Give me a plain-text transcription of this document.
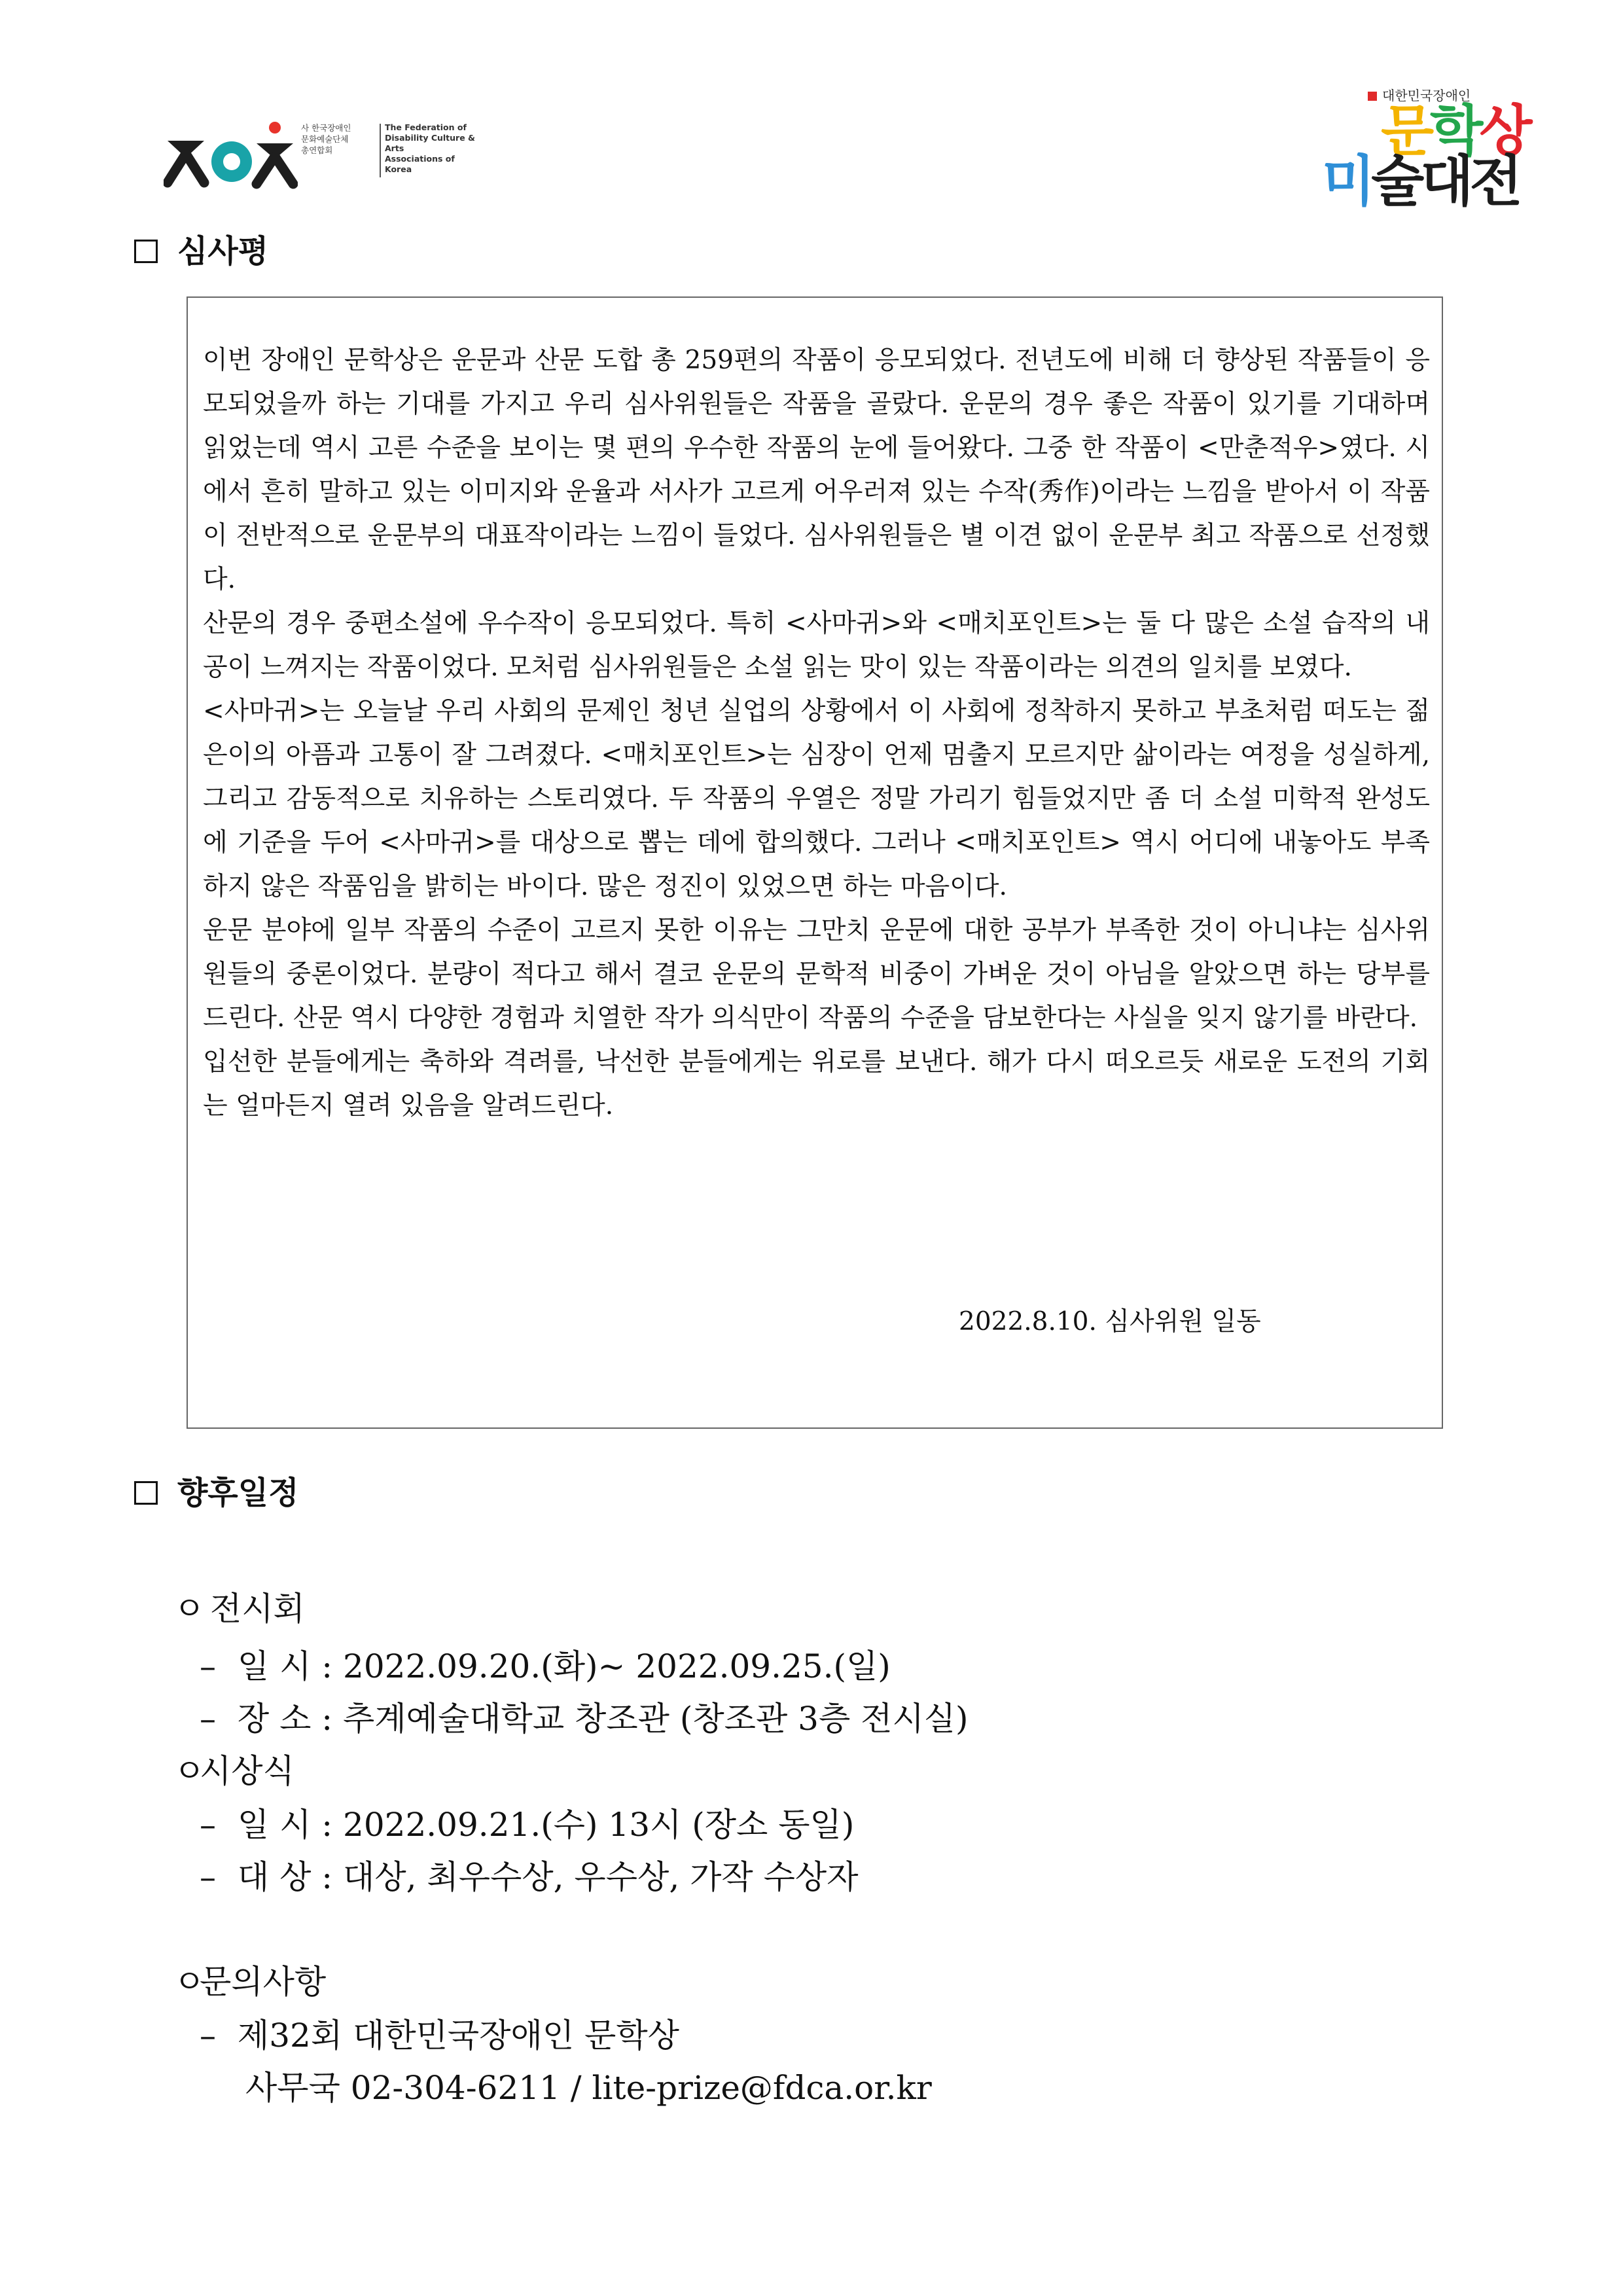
사 한국장애인
문화예술단체
총연합회
The Federation of
Disability Culture & Arts
Associations of
Korea
대한민국장애인
문학상
미술대전
심사평

이번 장애인 문학상은 운문과 산문 도합 총 259편의 작품이 응모되었다. 전년도에 비해 더 향상된 작품들이 응모되었을까 하는 기대를 가지고 우리 심사위원들은 작품을 골랐다. 운문의 경우 좋은 작품이 있기를 기대하며 읽었는데 역시 고른 수준을 보이는 몇 편의 우수한 작품의 눈에 들어왔다. 그중 한 작품이 <만춘적우>였다. 시에서 흔히 말하고 있는 이미지와 운율과 서사가 고르게 어우러져 있는 수작(秀作)이라는 느낌을 받아서 이 작품이 전반적으로 운문부의 대표작이라는 느낌이 들었다. 심사위원들은 별 이견 없이 운문부 최고 작품으로 선정했다.

산문의 경우 중편소설에 우수작이 응모되었다. 특히 <사마귀>와 <매치포인트>는 둘 다 많은 소설 습작의 내공이 느껴지는 작품이었다. 모처럼 심사위원들은 소설 읽는 맛이 있는 작품이라는 의견의 일치를 보였다.

<사마귀>는 오늘날 우리 사회의 문제인 청년 실업의 상황에서 이 사회에 정착하지 못하고 부초처럼 떠도는 젊은이의 아픔과 고통이 잘 그려졌다. <매치포인트>는 심장이 언제 멈출지 모르지만 삶이라는 여정을 성실하게, 그리고 감동적으로 치유하는 스토리였다. 두 작품의 우열은 정말 가리기 힘들었지만 좀 더 소설 미학적 완성도에 기준을 두어 <사마귀>를 대상으로 뽑는 데에 합의했다. 그러나 <매치포인트> 역시 어디에 내놓아도 부족하지 않은 작품임을 밝히는 바이다. 많은 정진이 있었으면 하는 마음이다.

운문 분야에 일부 작품의 수준이 고르지 못한 이유는 그만치 운문에 대한 공부가 부족한 것이 아니냐는 심사위원들의 중론이었다. 분량이 적다고 해서 결코 운문의 문학적 비중이 가벼운 것이 아님을 알았으면 하는 당부를 드린다. 산문 역시 다양한 경험과 치열한 작가 의식만이 작품의 수준을 담보한다는 사실을 잊지 않기를 바란다.

입선한 분들에게는 축하와 격려를, 낙선한 분들에게는 위로를 보낸다. 해가 다시 떠오르듯 새로운 도전의 기회는 얼마든지 열려 있음을 알려드린다.

2022.8.10. 심사위원 일동
향후일정
ㅇ 전시회
– 일 시 : 2022.09.20.(화)~ 2022.09.25.(일)
– 장 소 : 추계예술대학교 창조관 (창조관 3층 전시실)
ㅇ시상식
– 일 시 : 2022.09.21.(수) 13시 (장소 동일)
– 대 상 : 대상, 최우수상, 우수상, 가작 수상자
ㅇ문의사항
– 제32회 대한민국장애인 문학상
사무국 02-304-6211 / lite-prize@fdca.or.kr
